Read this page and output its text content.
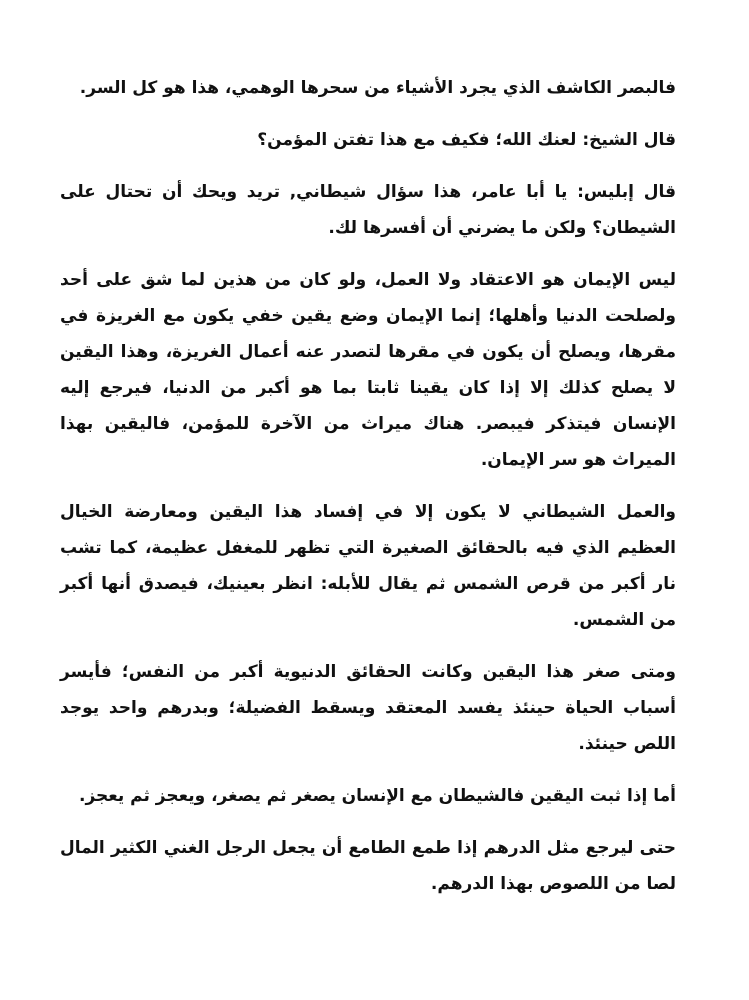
فالبصر الكاشف الذي يجرد الأشياء من سحرها الوهمي، هذا هو كل السر.

قال الشيخ: لعنك الله؛ فكيف مع هذا تفتن المؤمن؟

قال إبليس: يا أبا عامر، هذا سؤال شيطاني, تريد ويحك أن تحتال على الشيطان؟ ولكن ما يضرني أن أفسرها لك.

ليس الإيمان هو الاعتقاد ولا العمل، ولو كان من هذين لما شق على أحد ولصلحت الدنيا وأهلها؛ إنما الإيمان وضع يقين خفي يكون مع الغريزة في مقرها، ويصلح أن يكون في مقرها لتصدر عنه أعمال الغريزة، وهذا اليقين لا يصلح كذلك إلا إذا كان يقينا ثابتا بما هو أكبر من الدنيا، فيرجع إليه الإنسان فيتذكر فيبصر. هناك ميراث من الآخرة للمؤمن، فاليقين بهذا الميراث هو سر الإيمان.

والعمل الشيطاني لا يكون إلا في إفساد هذا اليقين ومعارضة الخيال العظيم الذي فيه بالحقائق الصغيرة التي تظهر للمغفل عظيمة، كما تشب نار أكبر من قرص الشمس ثم يقال للأبله: انظر بعينيك، فيصدق أنها أكبر من الشمس.

ومتى صغر هذا اليقين وكانت الحقائق الدنيوية أكبر من النفس؛ فأيسر أسباب الحياة حينئذ يفسد المعتقد ويسقط الفضيلة؛ وبدرهم واحد يوجد اللص حينئذ.

أما إذا ثبت اليقين فالشيطان مع الإنسان يصغر ثم يصغر، ويعجز ثم يعجز.

حتى ليرجع مثل الدرهم إذا طمع الطامع أن يجعل الرجل الغني الكثير المال لصا من اللصوص بهذا الدرهم.
